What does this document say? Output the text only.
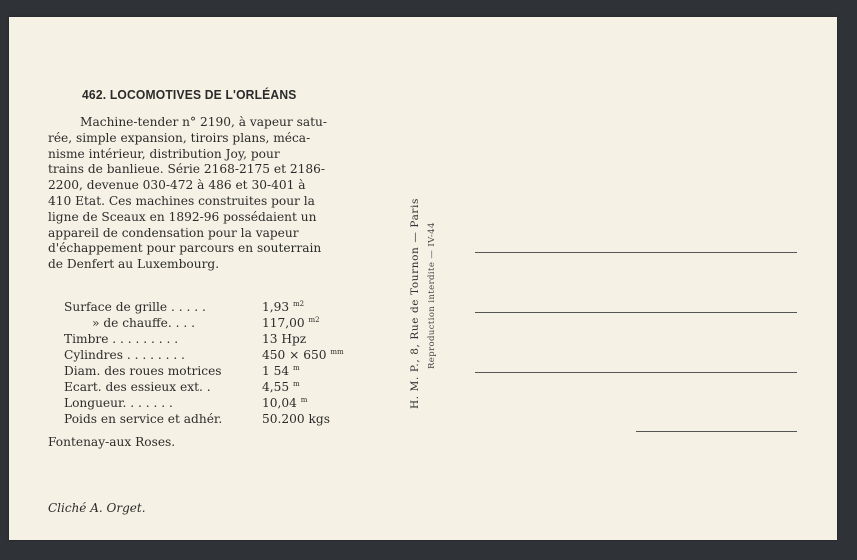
462. LOCOMOTIVES DE L'ORLÉANS
Machine-tender n° 2190, à vapeur satu-
rée, simple expansion, tiroirs plans, méca-
nisme intérieur, distribution Joy, pour
trains de banlieue. Série 2168-2175 et 2186-
2200, devenue 030-472 à 486 et 30-401 à
410 Etat. Ces machines construites pour la
ligne de Sceaux en 1892-96 possédaient un
appareil de condensation pour la vapeur
d'échappement pour parcours en souterrain
de Denfert au Luxembourg.
Surface de grille . . . . .	1,93 $^{m2}$
» de chauffe. . . .	117,00 $^{m2}$
Timbre . . . . . . . . .	13 Hpz
Cylindres . . . . . . . .	450 × 650 $^{mm}$
Diam. des roues motrices	1 54 $^m$
Ecart. des essieux ext. .	4,55 $^m$
Longueur. . . . . . .	10,04 $^m$
Poids en service et adhér.	50.200 kgs
Fontenay-aux Roses.
Cliché A. Orget.
H. M. P., 8, Rue de Tournon — Paris Reproduction interdite — IV-44
